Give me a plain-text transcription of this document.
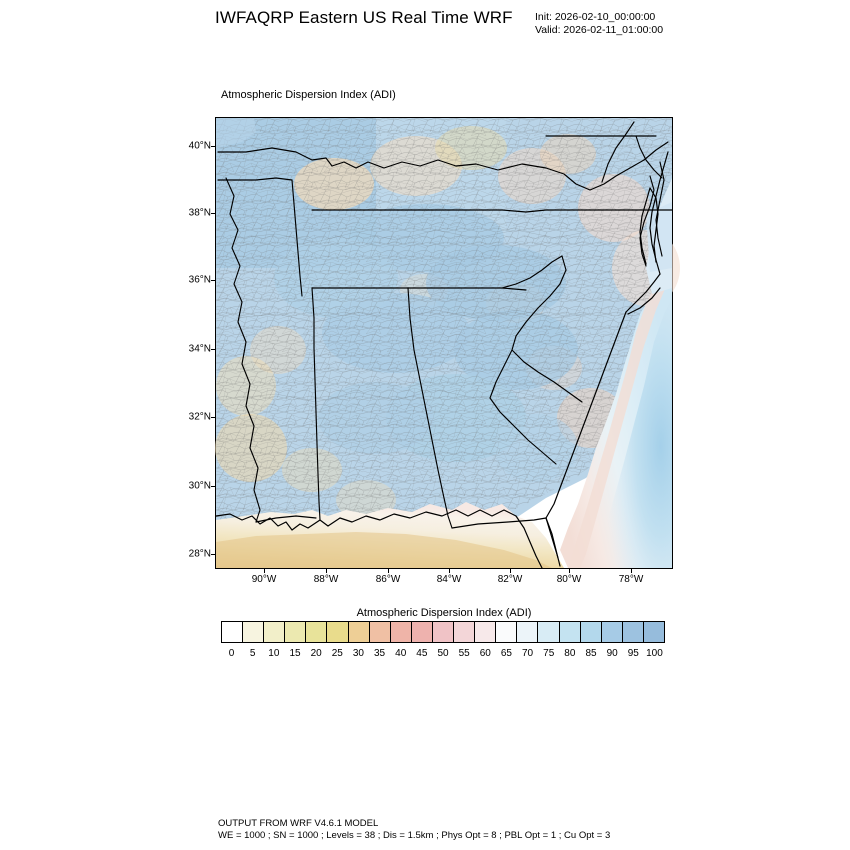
IWFAQRP Eastern US Real Time WRF Init: 2026-02-10_00:00:00
Valid: 2026-02-11_01:00:00
Atmospheric Dispersion Index (ADI)
40°N
38°N
36°N
34°N
32°N
30°N
28°N
90°W	88°W	86°W	84°W	82°W	80°W	78°W
Atmospheric Dispersion Index (ADI)
0 5 10 15 20 25 30 35 40 45 50 55 60 65 70 75 80 85 90 95 100
OUTPUT FROM WRF V4.6.1 MODEL
WE = 1000 ; SN = 1000 ; Levels = 38 ; Dis = 1.5km ; Phys Opt = 8 ; PBL Opt = 1 ; Cu Opt = 3
